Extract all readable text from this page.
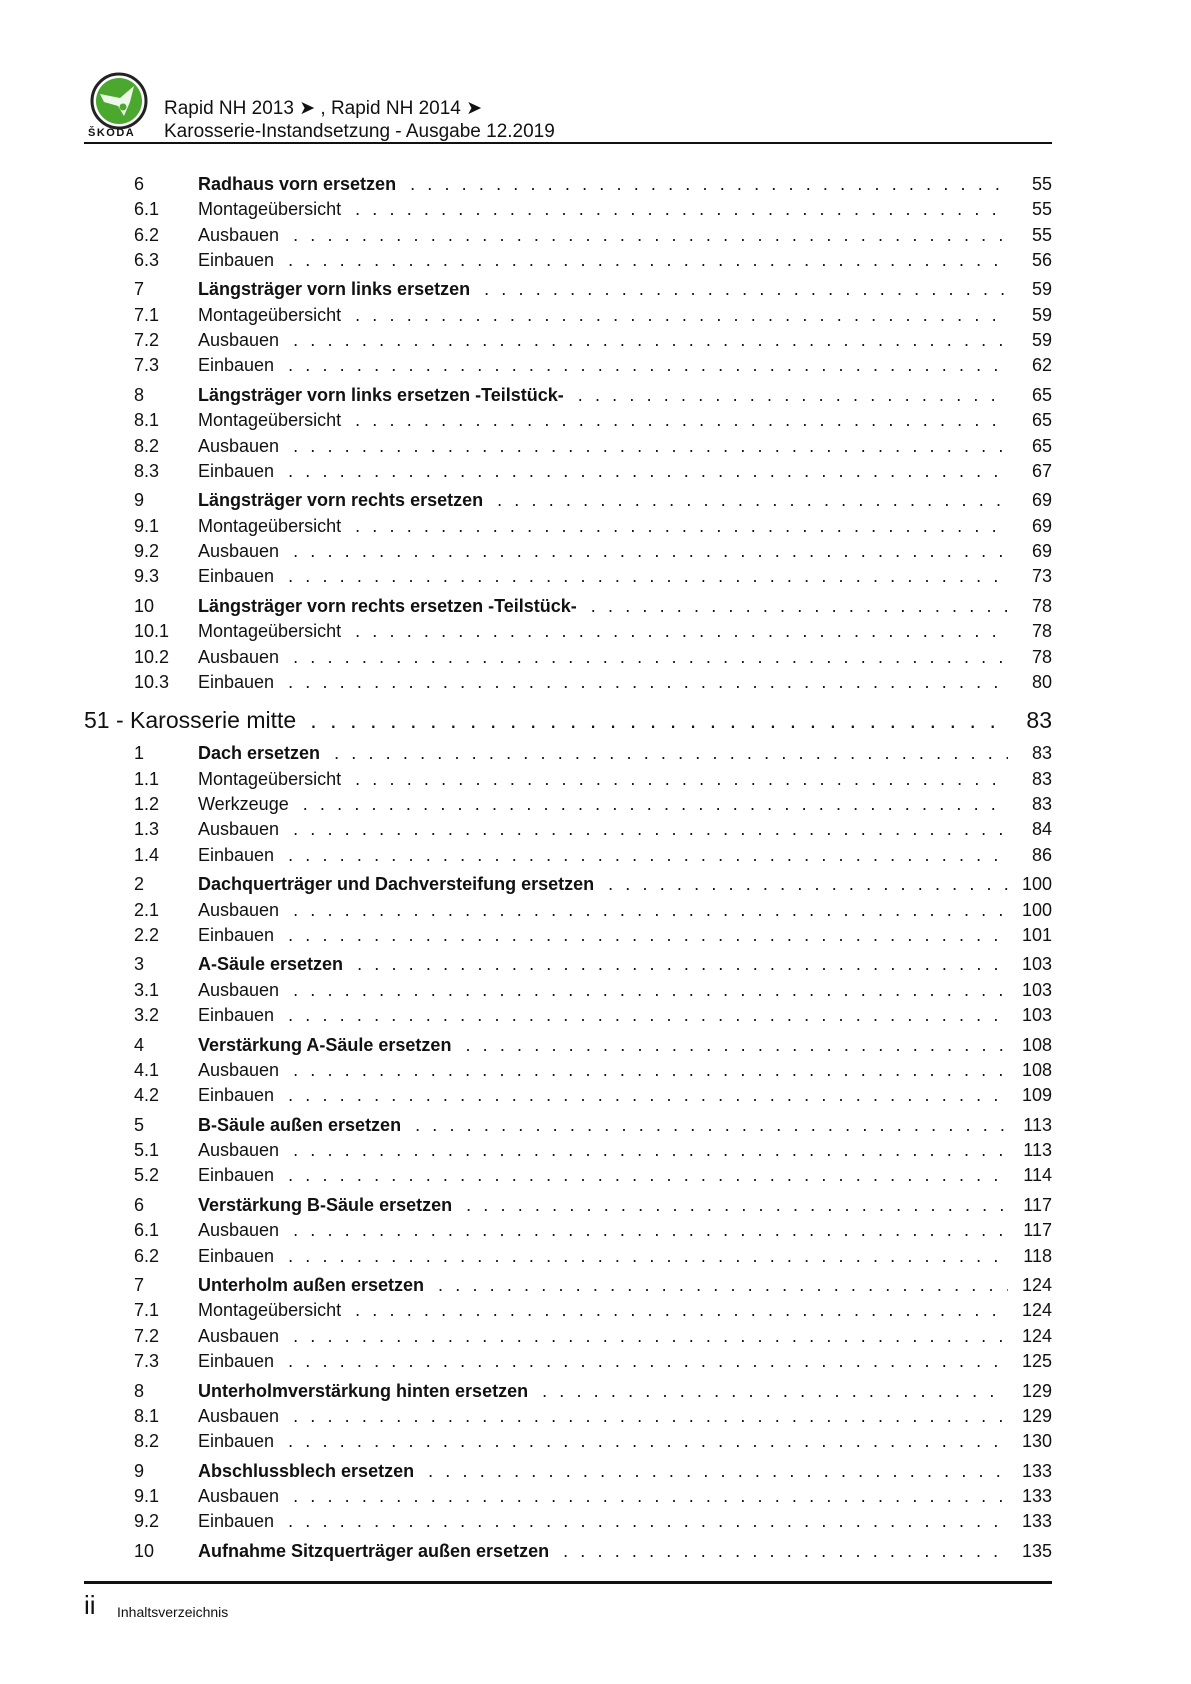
ŠKODA
Rapid NH 2013 ➤ , Rapid NH 2014 ➤
Karosserie-Instandsetzung - Ausgabe 12.2019
6	Radhaus vorn ersetzen . . .	55
6.1	Montageübersicht . . .	55
6.2	Ausbauen . . .	55
6.3	Einbauen . . .	56
7	Längsträger vorn links ersetzen . . .	59
7.1	Montageübersicht . . .	59
7.2	Ausbauen . . .	59
7.3	Einbauen . . .	62
8	Längsträger vorn links ersetzen -Teilstück- . . .	65
8.1	Montageübersicht . . .	65
8.2	Ausbauen . . .	65
8.3	Einbauen . . .	67
9	Längsträger vorn rechts ersetzen . . .	69
9.1	Montageübersicht . . .	69
9.2	Ausbauen . . .	69
9.3	Einbauen . . .	73
10	Längsträger vorn rechts ersetzen -Teilstück- . . .	78
10.1	Montageübersicht . . .	78
10.2	Ausbauen . . .	78
10.3	Einbauen . . .	80
51 - Karosserie mitte . . .	83
1	Dach ersetzen . . .	83
1.1	Montageübersicht . . .	83
1.2	Werkzeuge . . .	83
1.3	Ausbauen . . .	84
1.4	Einbauen . . .	86
2	Dachquerträger und Dachversteifung ersetzen . . .	100
2.1	Ausbauen . . .	100
2.2	Einbauen . . .	101
3	A-Säule ersetzen . . .	103
3.1	Ausbauen . . .	103
3.2	Einbauen . . .	103
4	Verstärkung A-Säule ersetzen . . .	108
4.1	Ausbauen . . .	108
4.2	Einbauen . . .	109
5	B-Säule außen ersetzen . . .	113
5.1	Ausbauen . . .	113
5.2	Einbauen . . .	114
6	Verstärkung B-Säule ersetzen . . .	117
6.1	Ausbauen . . .	117
6.2	Einbauen . . .	118
7	Unterholm außen ersetzen . . .	124
7.1	Montageübersicht . . .	124
7.2	Ausbauen . . .	124
7.3	Einbauen . . .	125
8	Unterholmverstärkung hinten ersetzen . . .	129
8.1	Ausbauen . . .	129
8.2	Einbauen . . .	130
9	Abschlussblech ersetzen . . .	133
9.1	Ausbauen . . .	133
9.2	Einbauen . . .	133
10	Aufnahme Sitzquerträger außen ersetzen . . .	135
ii Inhaltsverzeichnis
